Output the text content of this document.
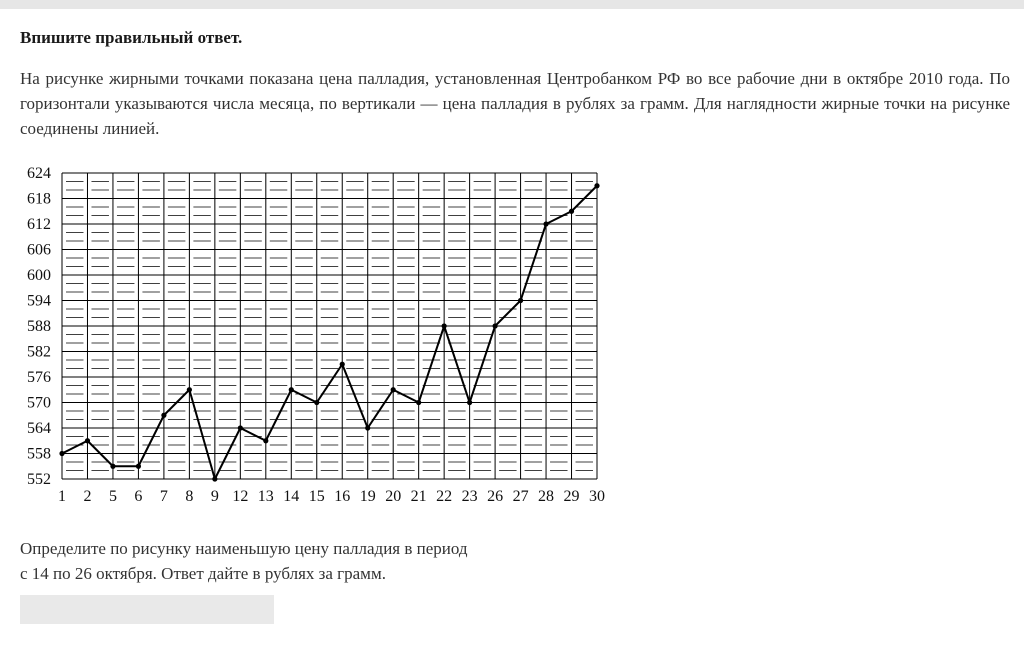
Впишите правильный ответ.
На рисунке жирными точками показана цена палладия, установленная Центробанком РФ во все рабочие дни в октябре 2010 года. По горизонтали указываются числа месяца, по вертикали — цена палладия в рублях за грамм. Для наглядности жирные точки на рисунке соединены линией.
552
558
564
570
576
582
588
594
600
606
612
618
624
1 2 5 6 7 8 9 12 13 14 15 16 19 20 21 22 23 26 27 28 29 30
Определите по рисунку наименьшую цену палладия в период
с 14 по 26 октября. Ответ дайте в рублях за грамм.
